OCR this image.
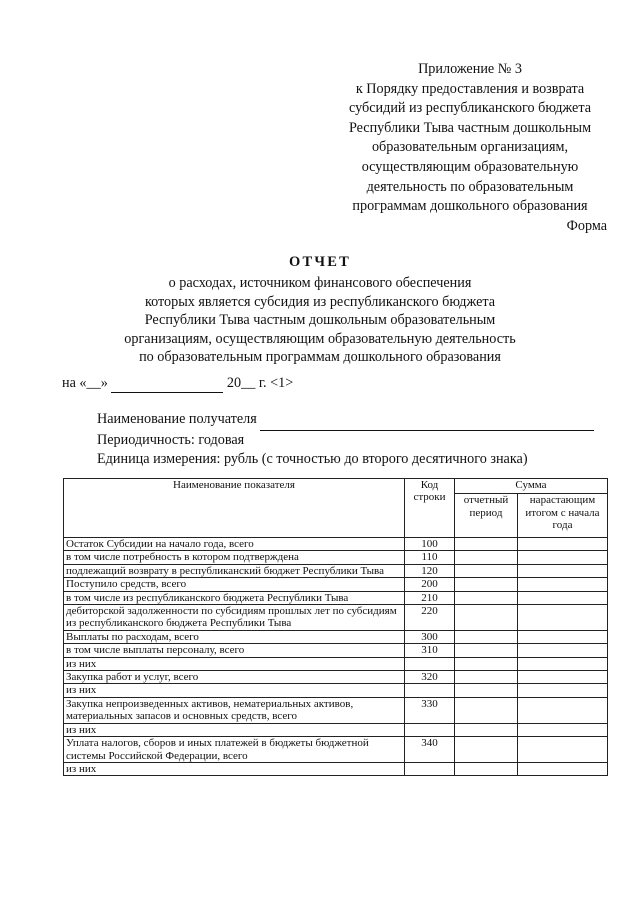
Приложение № 3
к Порядку предоставления и возврата
субсидий из республиканского бюджета
Республики Тыва частным дошкольным
образовательным организациям,
осуществляющим образовательную
деятельность по образовательным
программам дошкольного образования
Форма
ОТЧЕТ
о расходах, источником финансового обеспечения
которых является субсидия из республиканского бюджета
Республики Тыва частным дошкольным образовательным
организациям, осуществляющим образовательную деятельность
по образовательным программам дошкольного образования
на «__»	20__ г. <1>
Наименование получателя
Периодичность: годовая
Единица измерения: рубль (с точностью до второго десятичного знака)
Наименование показателя	Код строки	Сумма	
		отчетный период	нарастающим итогом с начала года
Остаток Субсидии на начало года, всего	100		
в том числе потребность в котором подтверждена	110		
подлежащий возврату в республиканский бюджет Республики Тыва	120		
Поступило средств, всего	200		
в том числе из республиканского бюджета Республики Тыва	210		
дебиторской задолженности по субсидиям прошлых лет по субсидиям из республиканского бюджета Республики Тыва	220		
Выплаты по расходам, всего	300		
в том числе выплаты персоналу, всего	310		
из них			
Закупка работ и услуг, всего	320		
из них			
Закупка непроизведенных активов, нематериальных активов, материальных запасов и основных средств, всего	330		
из них			
Уплата налогов, сборов и иных платежей в бюджеты бюджетной системы Российской Федерации, всего	340		
из них			
